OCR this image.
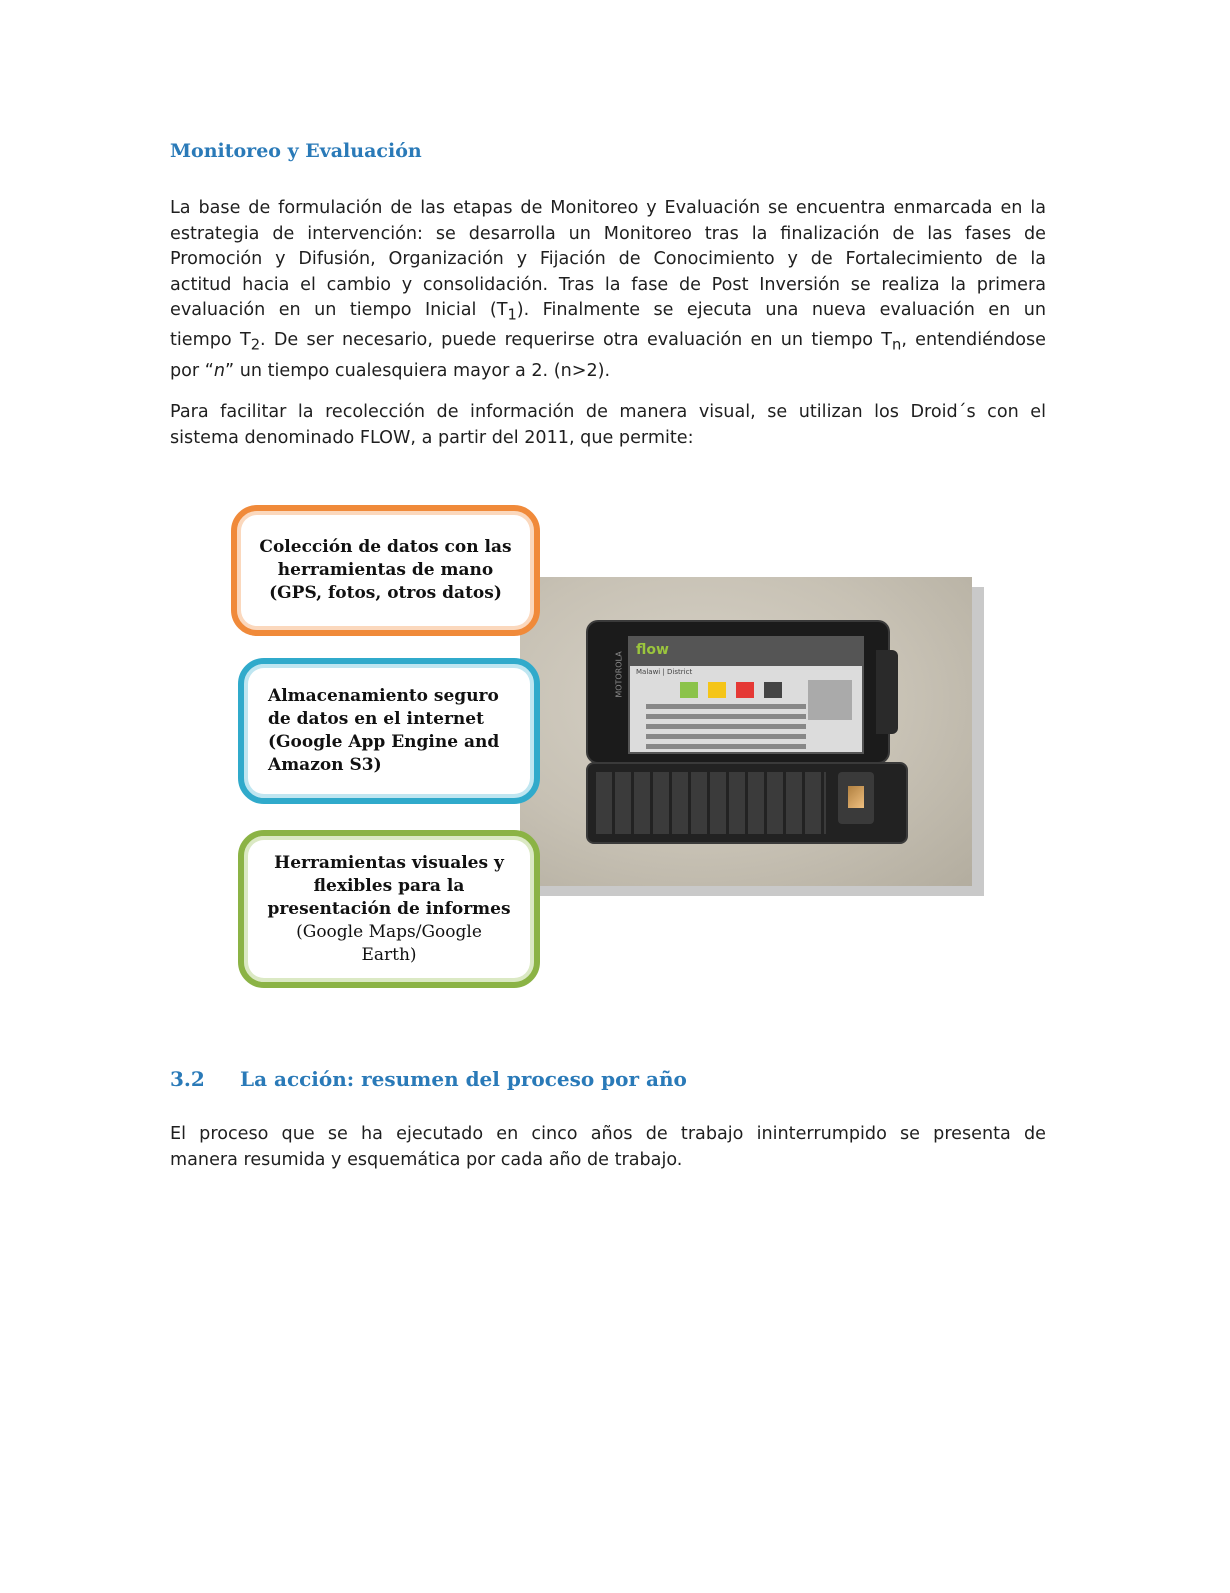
Monitoreo y Evaluación

La base de formulación de las etapas de Monitoreo y Evaluación se encuentra enmarcada en la
estrategia de intervención: se desarrolla un Monitoreo tras la finalización de las fases de
Promoción y Difusión, Organización y Fijación de Conocimiento y de Fortalecimiento de la
actitud hacia el cambio y consolidación. Tras la fase de Post Inversión se realiza la primera
evaluación en un tiempo Inicial $(T_1)$. Finalmente se ejecuta una nueva evaluación en un
tiempo $T_2$. De ser necesario, puede requerirse otra evaluación en un tiempo $T_n$, entendiéndose
por “n” un tiempo cualesquiera mayor a 2. (n>2).

Para facilitar la recolección de información de manera visual, se utilizan los Droid´s con el
sistema denominado FLOW, a partir del 2011, que permite:

MOTOROLA
flow
Malawi| District
Colección de datos con las
herramientas de mano
(GPS, fotos, otros datos)
Almacenamiento seguro
de datos en el internet
(Google App Engine and
Amazon S3)
Herramientas visuales y
flexibles para la
presentación de informes
(Google Maps/Google
Earth)
3.2 La acción: resumen del proceso por año

El proceso que se ha ejecutado en cinco años de trabajo ininterrumpido se presenta de
manera resumida y esquemática por cada año de trabajo.
